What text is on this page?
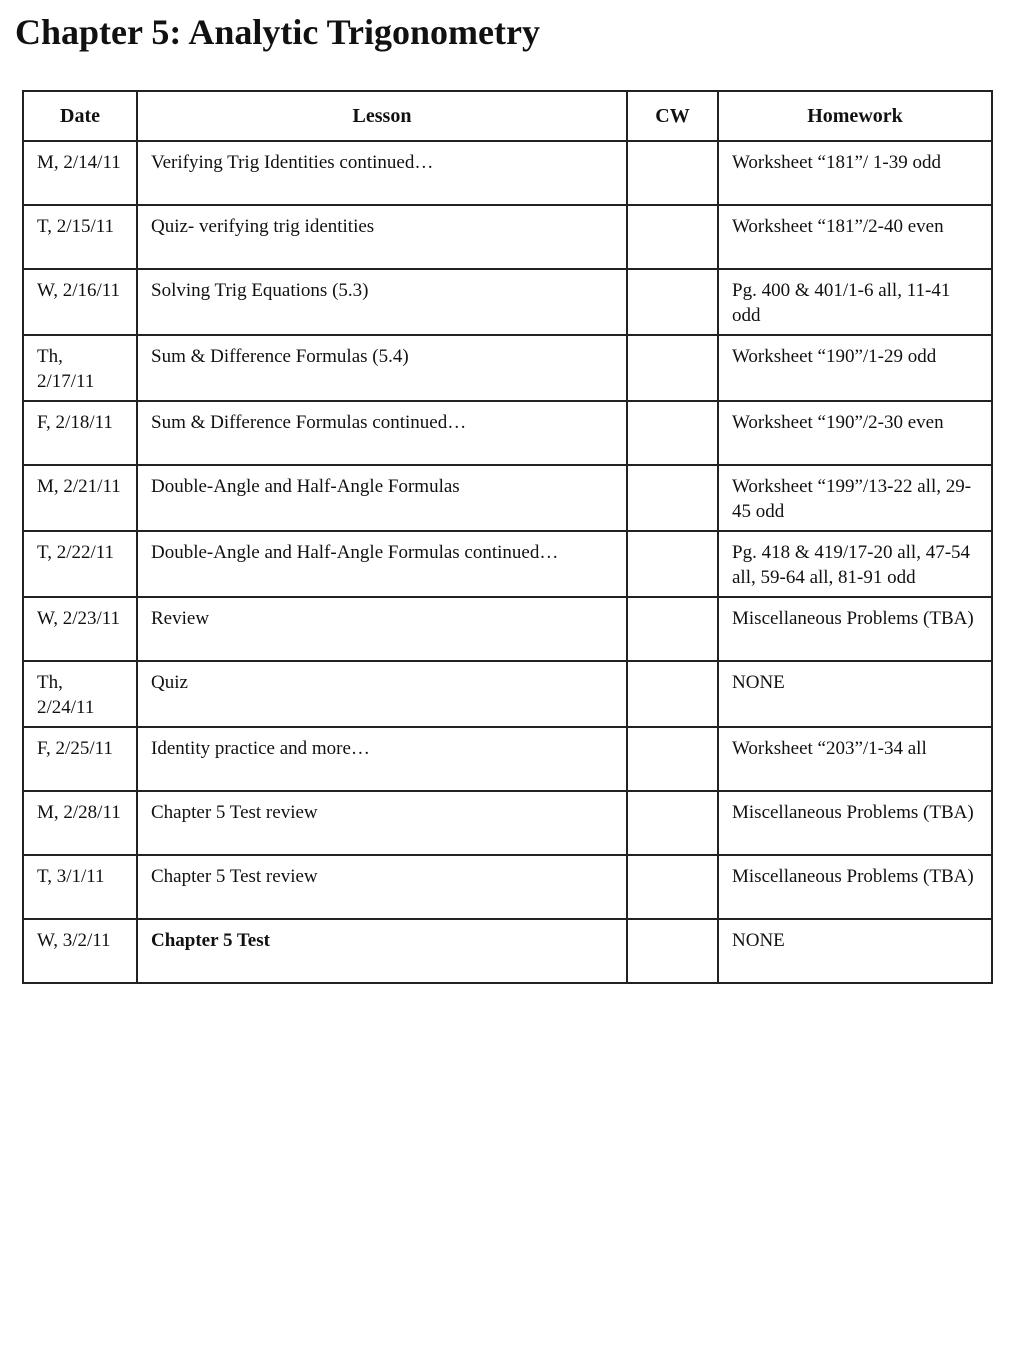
Chapter 5: Analytic Trigonometry
Date	Lesson	CW	Homework

M, 2/14/11	Verifying Trig Identities continued…		Worksheet “181”/ 1-39 odd

T, 2/15/11	Quiz- verifying trig identities		Worksheet “181”/2-40 even

W, 2/16/11	Solving Trig Equations (5.3)		Pg. 400 & 401/1-6 all, 11-41 odd

Th, 2/17/11	Sum & Difference Formulas (5.4)		Worksheet “190”/1-29 odd

F, 2/18/11	Sum & Difference Formulas continued…		Worksheet “190”/2-30 even

M, 2/21/11	Double-Angle and Half-Angle Formulas		Worksheet “199”/13-22 all, 29-45 odd

T, 2/22/11	Double-Angle and Half-Angle Formulas continued…		Pg. 418 & 419/17-20 all, 47-54 all, 59-64 all, 81-91 odd

W, 2/23/11	Review		Miscellaneous Problems (TBA)

Th, 2/24/11	Quiz		NONE

F, 2/25/11	Identity practice and more…		Worksheet “203”/1-34 all

M, 2/28/11	Chapter 5 Test review		Miscellaneous Problems (TBA)

T, 3/1/11	Chapter 5 Test review		Miscellaneous Problems (TBA)

W, 3/2/11	Chapter 5 Test		NONE
